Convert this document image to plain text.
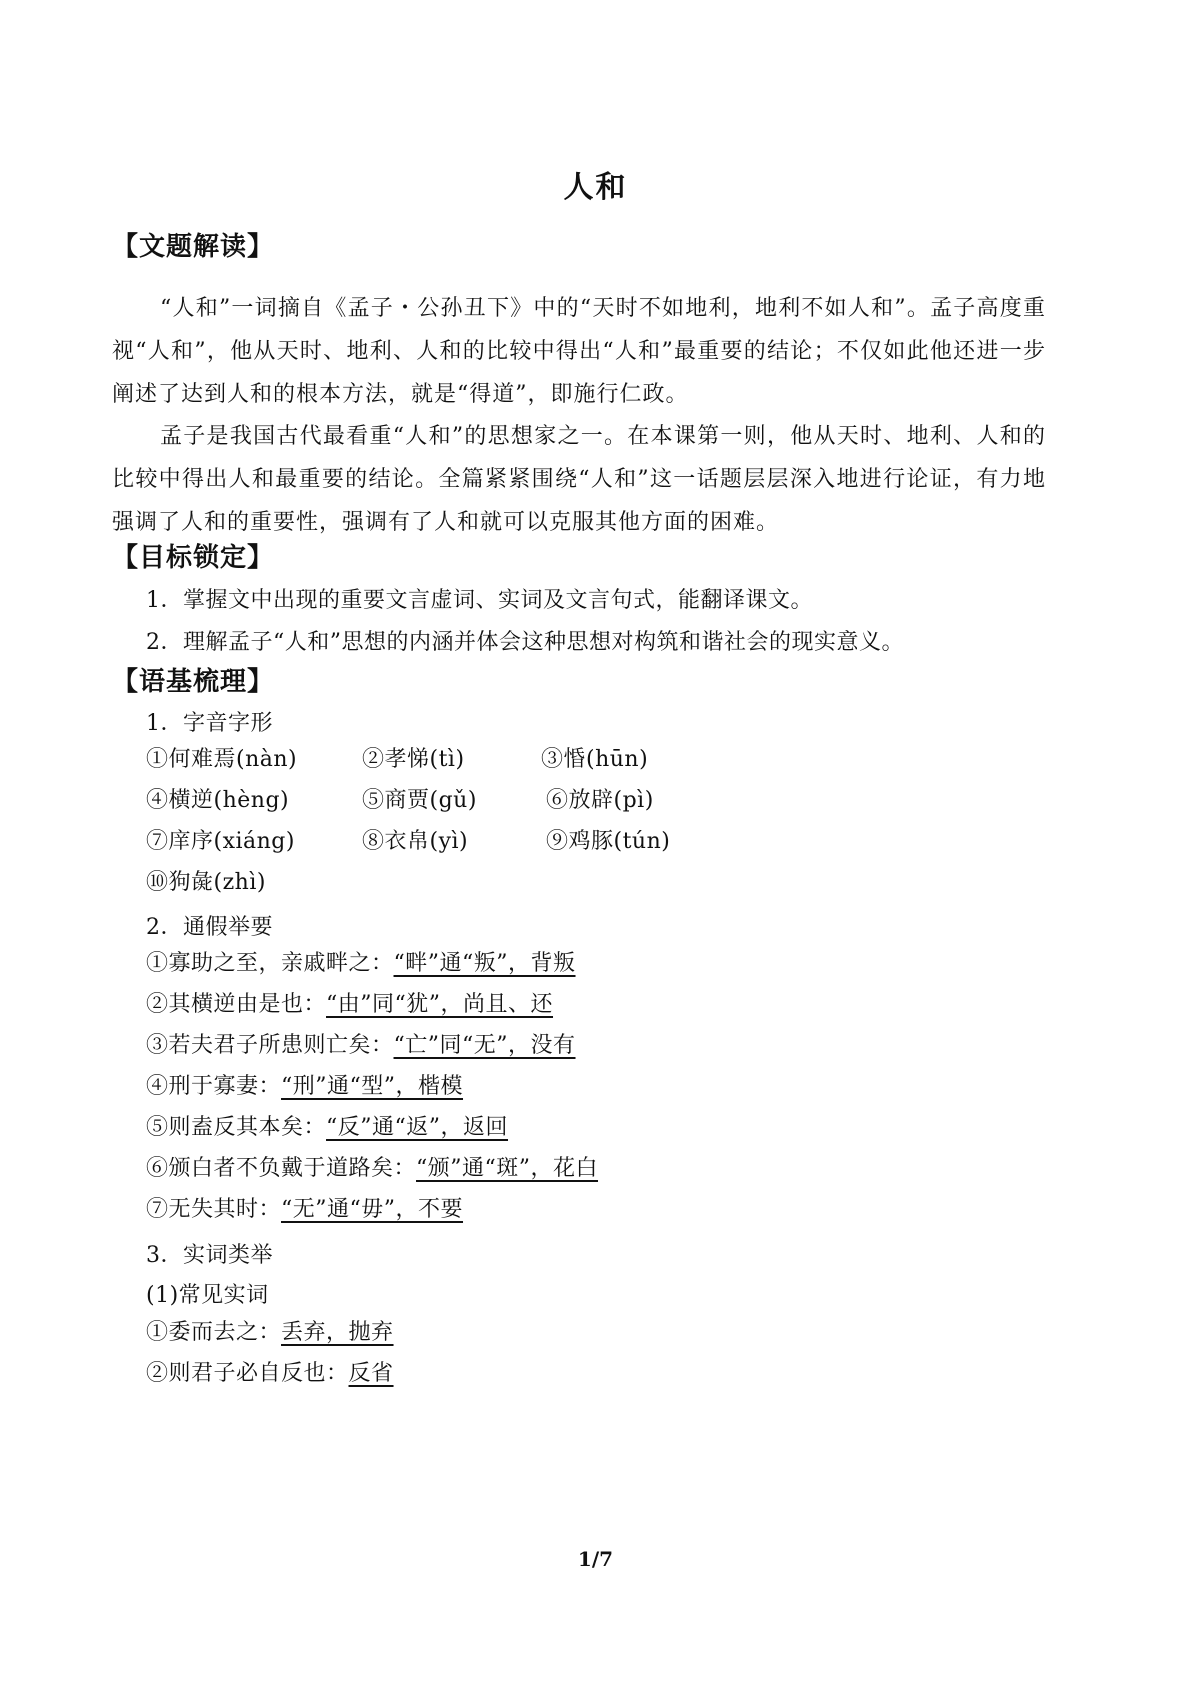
人和
【文题解读】
“人和”一词摘自《孟子・公孙丑下》中的“天时不如地利，地利不如人和”。孟子高度重视“人和”，他从天时、地利、人和的比较中得出“人和”最重要的结论；不仅如此他还进一步阐述了达到人和的根本方法，就是“得道”，即施行仁政。
孟子是我国古代最看重“人和”的思想家之一。在本课第一则，他从天时、地利、人和的比较中得出人和最重要的结论。全篇紧紧围绕“人和”这一话题层层深入地进行论证，有力地强调了人和的重要性，强调有了人和就可以克服其他方面的困难。
【目标锁定】
1．掌握文中出现的重要文言虚词、实词及文言句式，能翻译课文。
2．理解孟子“人和”思想的内涵并体会这种思想对构筑和谐社会的现实意义。
【语基梳理】
1．字音字形
①何难焉(nàn)	②孝悌(tì)	③惛(hūn)
④横逆(hèng)	⑤商贾(gǔ)	⑥放辟(pì)
⑦庠序(xiáng)	⑧衣帛(yì)	⑨鸡豚(tún)
⑩狗彘(zhì)
2．通假举要
①寡助之至，亲戚畔之：“畔”通“叛”，背叛
②其横逆由是也：“由”同“犹”，尚且、还
③若夫君子所患则亡矣：“亡”同“无”，没有
④刑于寡妻：“刑”通“型”，楷模
⑤则盍反其本矣：“反”通“返”，返回
⑥颁白者不负戴于道路矣：“颁”通“斑”，花白
⑦无失其时：“无”通“毋”，不要
3．实词类举
(1)常见实词
①委而去之：丢弃，抛弃
②则君子必自反也：反省
1/7
